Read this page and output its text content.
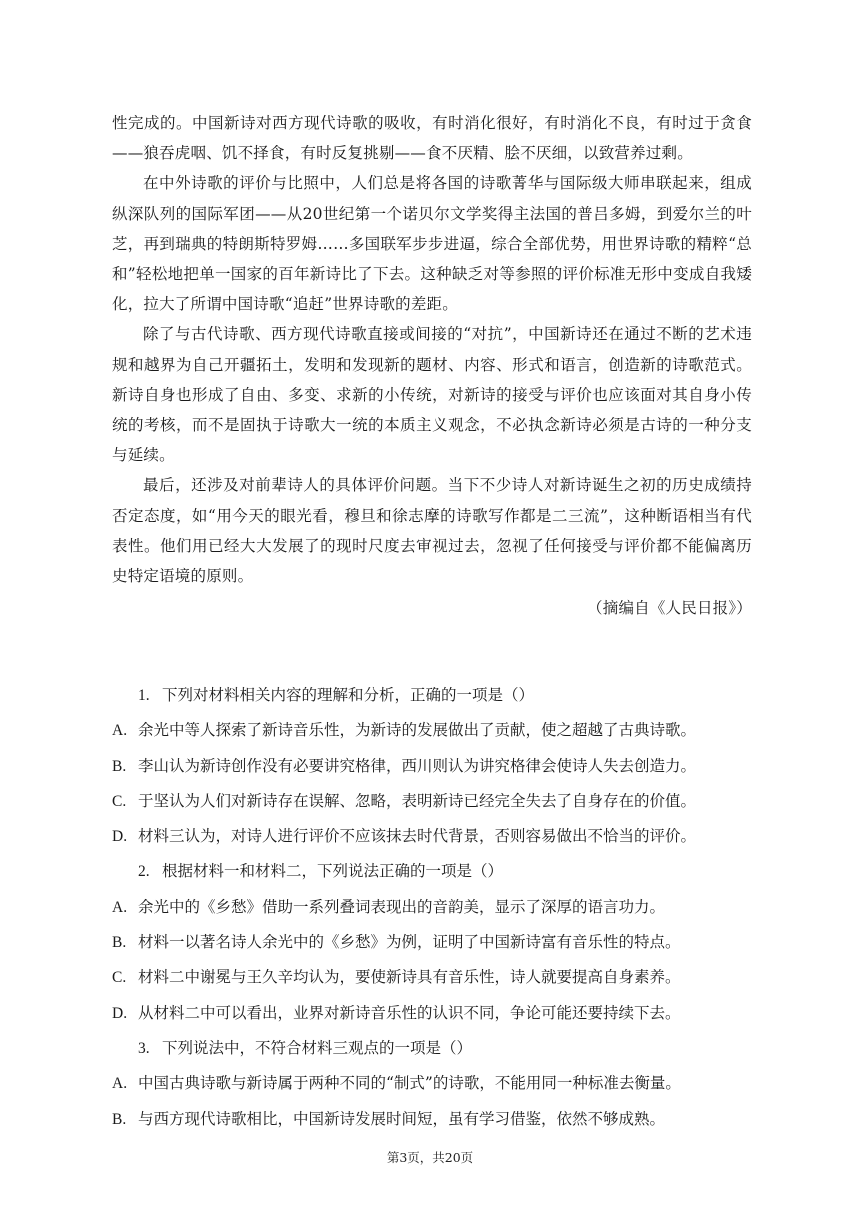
性完成的。中国新诗对西方现代诗歌的吸收，有时消化很好，有时消化不良，有时过于贪食——狼吞虎咽、饥不择食，有时反复挑剔——食不厌精、脍不厌细，以致营养过剩。

在中外诗歌的评价与比照中，人们总是将各国的诗歌菁华与国际级大师串联起来，组成纵深队列的国际军团——从20世纪第一个诺贝尔文学奖得主法国的普吕多姆，到爱尔兰的叶芝，再到瑞典的特朗斯特罗姆……多国联军步步进逼，综合全部优势，用世界诗歌的精粹“总和”轻松地把单一国家的百年新诗比了下去。这种缺乏对等参照的评价标准无形中变成自我矮化，拉大了所谓中国诗歌“追赶”世界诗歌的差距。

除了与古代诗歌、西方现代诗歌直接或间接的“对抗”，中国新诗还在通过不断的艺术违规和越界为自己开疆拓土，发明和发现新的题材、内容、形式和语言，创造新的诗歌范式。新诗自身也形成了自由、多变、求新的小传统，对新诗的接受与评价也应该面对其自身小传统的考核，而不是固执于诗歌大一统的本质主义观念，不必执念新诗必须是古诗的一种分支与延续。

最后，还涉及对前辈诗人的具体评价问题。当下不少诗人对新诗诞生之初的历史成绩持否定态度，如“用今天的眼光看，穆旦和徐志摩的诗歌写作都是二三流”，这种断语相当有代表性。他们用已经大大发展了的现时尺度去审视过去，忽视了任何接受与评价都不能偏离历史特定语境的原则。

（摘编自《人民日报》）

1. 下列对材料相关内容的理解和分析，正确的一项是（）
A. 余光中等人探索了新诗音乐性，为新诗的发展做出了贡献，使之超越了古典诗歌。
B. 李山认为新诗创作没有必要讲究格律，西川则认为讲究格律会使诗人失去创造力。
C. 于坚认为人们对新诗存在误解、忽略，表明新诗已经完全失去了自身存在的价值。
D. 材料三认为，对诗人进行评价不应该抹去时代背景，否则容易做出不恰当的评价。
2. 根据材料一和材料二，下列说法正确的一项是（）
A. 余光中的《乡愁》借助一系列叠词表现出的音韵美，显示了深厚的语言功力。
B. 材料一以著名诗人余光中的《乡愁》为例，证明了中国新诗富有音乐性的特点。
C. 材料二中谢冕与王久辛均认为，要使新诗具有音乐性，诗人就要提高自身素养。
D. 从材料二中可以看出，业界对新诗音乐性的认识不同，争论可能还要持续下去。
3. 下列说法中，不符合材料三观点的一项是（）
A. 中国古典诗歌与新诗属于两种不同的“制式”的诗歌，不能用同一种标准去衡量。
B. 与西方现代诗歌相比，中国新诗发展时间短，虽有学习借鉴，依然不够成熟。
第3页，共20页
